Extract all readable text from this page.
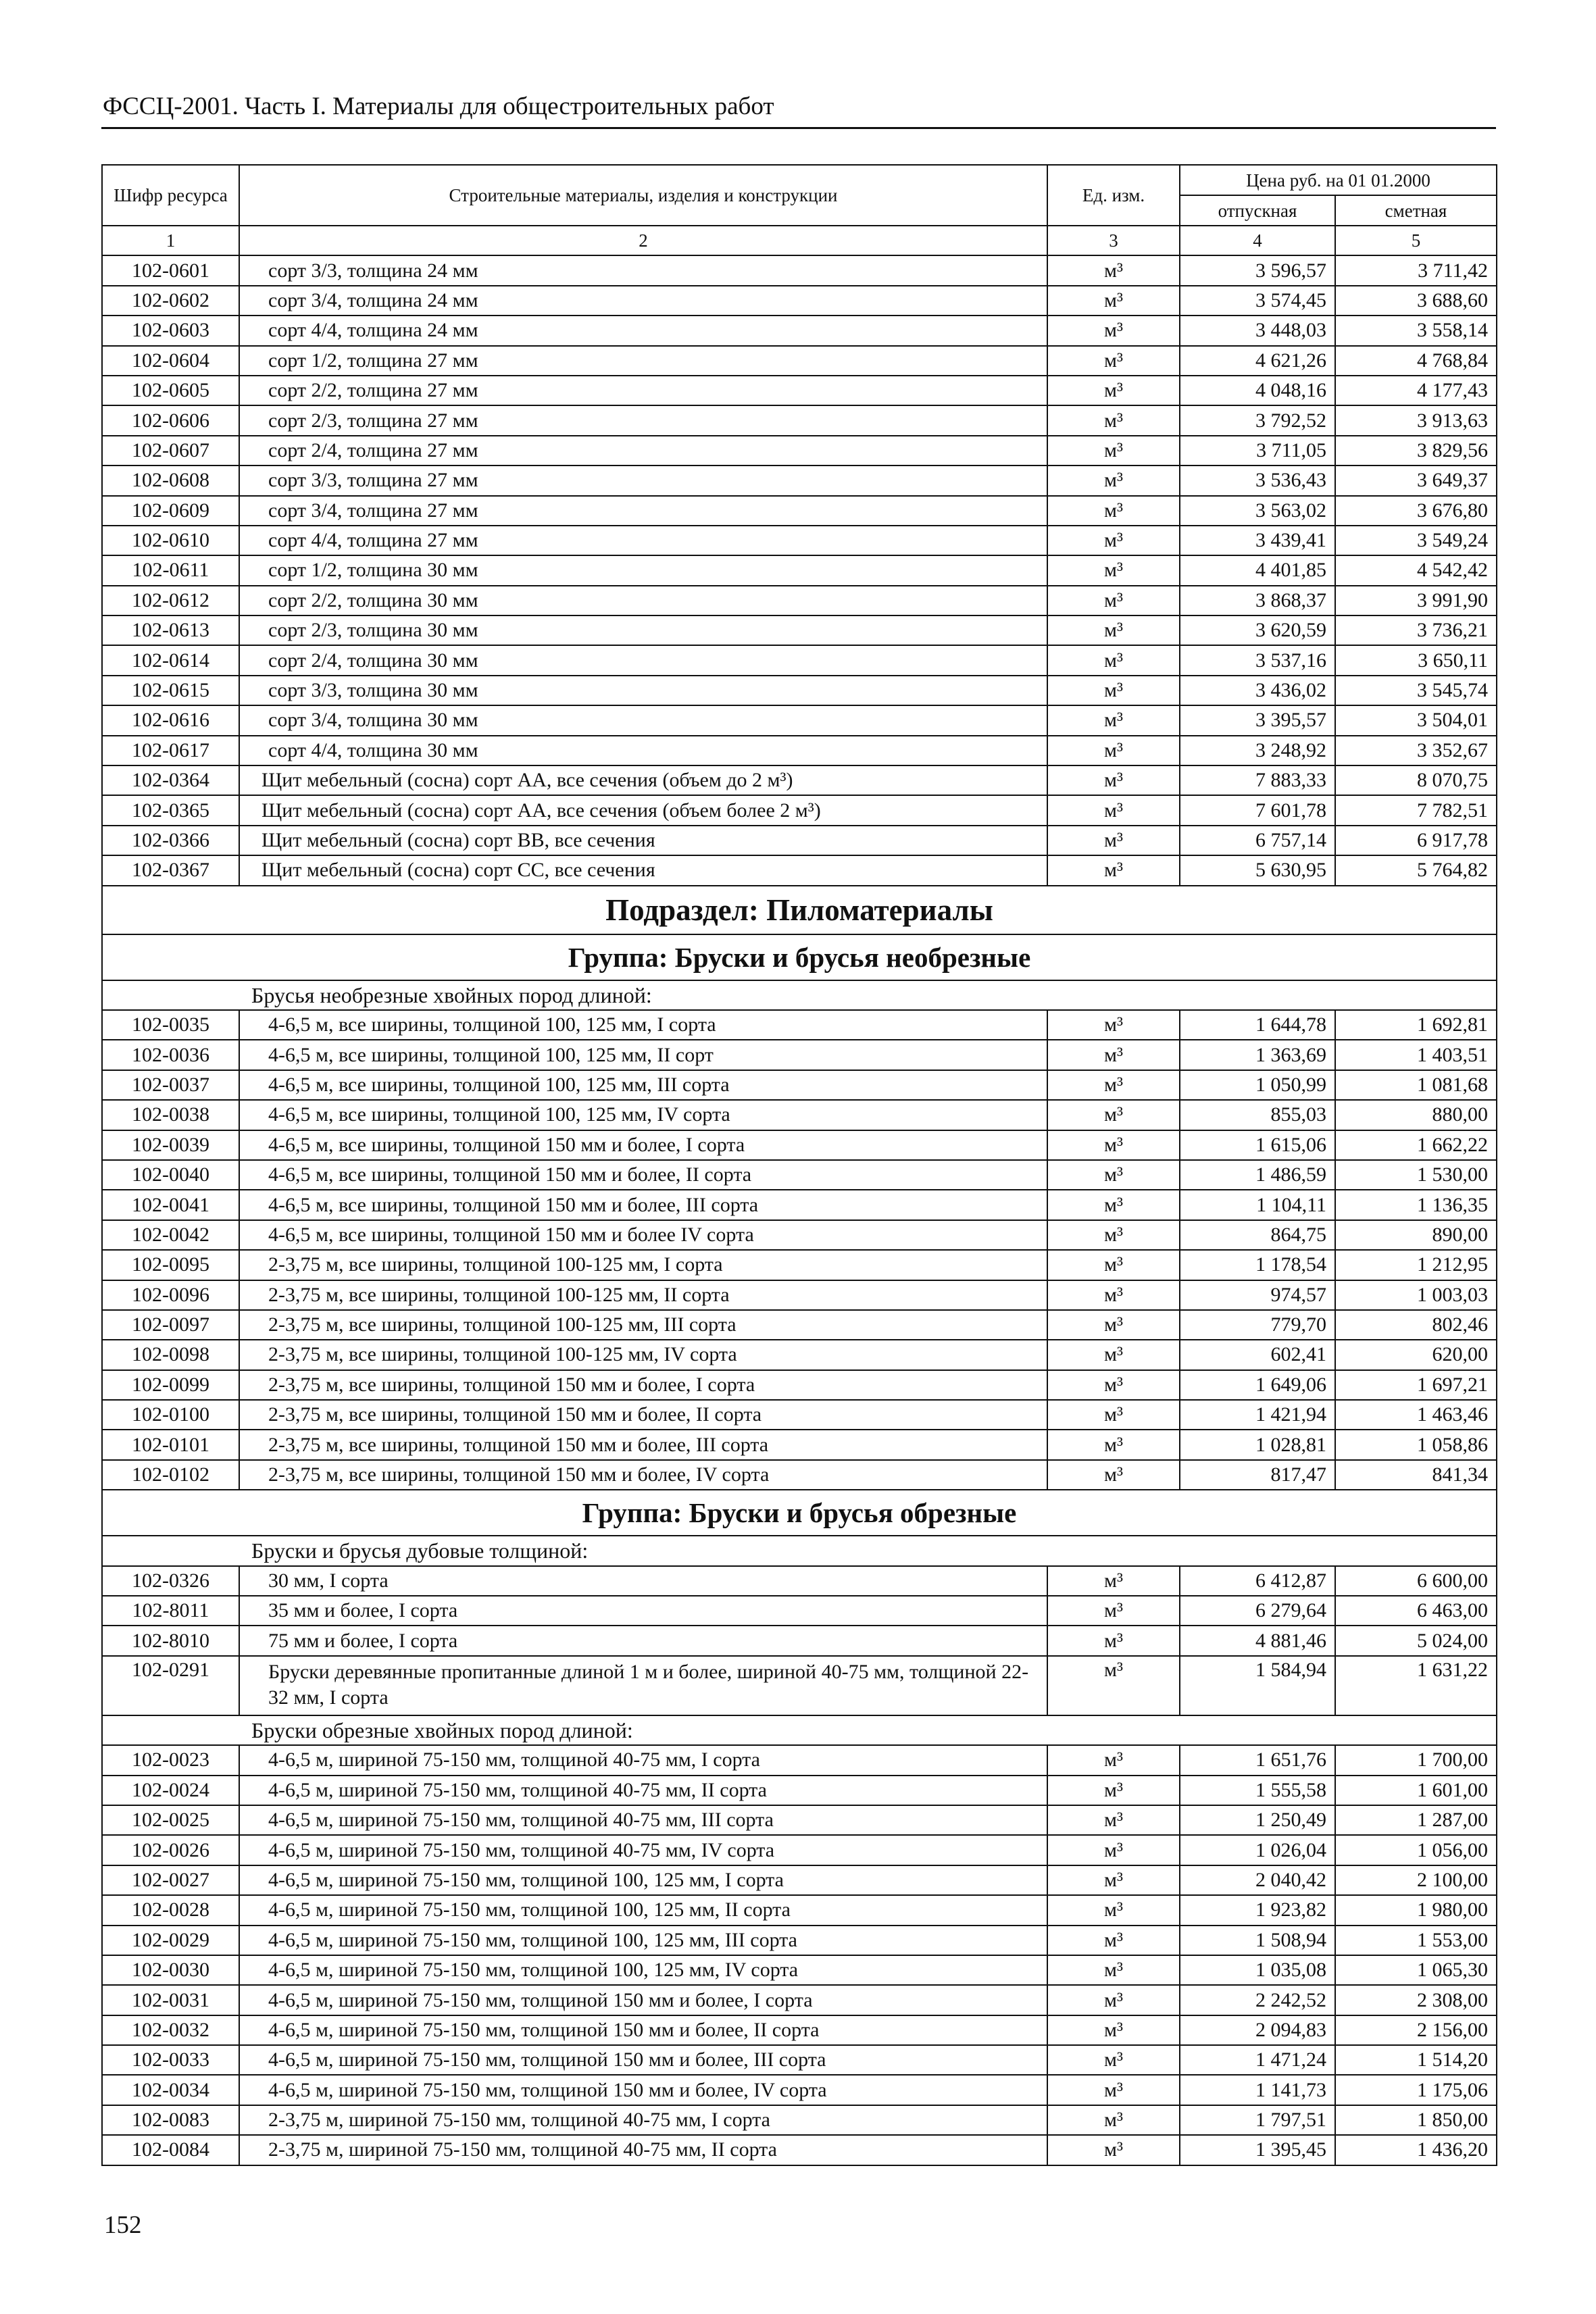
ФССЦ-2001. Часть I. Материалы для общестроительных работ
Шифр ресурса	Строительные материалы, изделия и конструкции	Ед. изм.	Цена руб. на 01 01.2000	
			отпускная	сметная
1	2	3	4	5
102-0601	сорт 3/3, толщина 24 мм	м³	3 596,57	3 711,42
102-0602	сорт 3/4, толщина 24 мм	м³	3 574,45	3 688,60
102-0603	сорт 4/4, толщина 24 мм	м³	3 448,03	3 558,14
102-0604	сорт 1/2, толщина 27 мм	м³	4 621,26	4 768,84
102-0605	сорт 2/2, толщина 27 мм	м³	4 048,16	4 177,43
102-0606	сорт 2/3, толщина 27 мм	м³	3 792,52	3 913,63
102-0607	сорт 2/4, толщина 27 мм	м³	3 711,05	3 829,56
102-0608	сорт 3/3, толщина 27 мм	м³	3 536,43	3 649,37
102-0609	сорт 3/4, толщина 27 мм	м³	3 563,02	3 676,80
102-0610	сорт 4/4, толщина 27 мм	м³	3 439,41	3 549,24
102-0611	сорт 1/2, толщина 30 мм	м³	4 401,85	4 542,42
102-0612	сорт 2/2, толщина 30 мм	м³	3 868,37	3 991,90
102-0613	сорт 2/3, толщина 30 мм	м³	3 620,59	3 736,21
102-0614	сорт 2/4, толщина 30 мм	м³	3 537,16	3 650,11
102-0615	сорт 3/3, толщина 30 мм	м³	3 436,02	3 545,74
102-0616	сорт 3/4, толщина 30 мм	м³	3 395,57	3 504,01
102-0617	сорт 4/4, толщина 30 мм	м³	3 248,92	3 352,67
102-0364	Щит мебельный (сосна) сорт АА, все сечения (объем до 2 м³)	м³	7 883,33	8 070,75
102-0365	Щит мебельный (сосна) сорт АА, все сечения (объем более 2 м³)	м³	7 601,78	7 782,51
102-0366	Щит мебельный (сосна) сорт ВВ, все сечения	м³	6 757,14	6 917,78
102-0367	Щит мебельный (сосна) сорт СС, все сечения	м³	5 630,95	5 764,82
Подраздел: Пиломатериалы				
Группа: Бруски и брусья необрезные				
Брусья необрезные хвойных пород длиной:				
102-0035	4-6,5 м, все ширины, толщиной 100, 125 мм, I сорта	м³	1 644,78	1 692,81
102-0036	4-6,5 м, все ширины, толщиной 100, 125 мм, II сорт	м³	1 363,69	1 403,51
102-0037	4-6,5 м, все ширины, толщиной 100, 125 мм, III сорта	м³	1 050,99	1 081,68
102-0038	4-6,5 м, все ширины, толщиной 100, 125 мм, IV сорта	м³	855,03	880,00
102-0039	4-6,5 м, все ширины, толщиной 150 мм и более, I сорта	м³	1 615,06	1 662,22
102-0040	4-6,5 м, все ширины, толщиной 150 мм и более, II сорта	м³	1 486,59	1 530,00
102-0041	4-6,5 м, все ширины, толщиной 150 мм и более, III сорта	м³	1 104,11	1 136,35
102-0042	4-6,5 м, все ширины, толщиной 150 мм и более IV сорта	м³	864,75	890,00
102-0095	2-3,75 м, все ширины, толщиной 100-125 мм, I сорта	м³	1 178,54	1 212,95
102-0096	2-3,75 м, все ширины, толщиной 100-125 мм, II сорта	м³	974,57	1 003,03
102-0097	2-3,75 м, все ширины, толщиной 100-125 мм, III сорта	м³	779,70	802,46
102-0098	2-3,75 м, все ширины, толщиной 100-125 мм, IV сорта	м³	602,41	620,00
102-0099	2-3,75 м, все ширины, толщиной 150 мм и более, I сорта	м³	1 649,06	1 697,21
102-0100	2-3,75 м, все ширины, толщиной 150 мм и более, II сорта	м³	1 421,94	1 463,46
102-0101	2-3,75 м, все ширины, толщиной 150 мм и более, III сорта	м³	1 028,81	1 058,86
102-0102	2-3,75 м, все ширины, толщиной 150 мм и более, IV сорта	м³	817,47	841,34
Группа: Бруски и брусья обрезные				
Бруски и брусья дубовые толщиной:				
102-0326	30 мм, I сорта	м³	6 412,87	6 600,00
102-8011	35 мм и более, I сорта	м³	6 279,64	6 463,00
102-8010	75 мм и более, I сорта	м³	4 881,46	5 024,00
102-0291	Бруски деревянные пропитанные длиной 1 м и более, шириной 40-75 мм, толщиной 22-32 мм, I сорта	м³	1 584,94	1 631,22
Бруски обрезные хвойных пород длиной:				
102-0023	4-6,5 м, шириной 75-150 мм, толщиной 40-75 мм, I сорта	м³	1 651,76	1 700,00
102-0024	4-6,5 м, шириной 75-150 мм, толщиной 40-75 мм, II сорта	м³	1 555,58	1 601,00
102-0025	4-6,5 м, шириной 75-150 мм, толщиной 40-75 мм, III сорта	м³	1 250,49	1 287,00
102-0026	4-6,5 м, шириной 75-150 мм, толщиной 40-75 мм, IV сорта	м³	1 026,04	1 056,00
102-0027	4-6,5 м, шириной 75-150 мм, толщиной 100, 125 мм, I сорта	м³	2 040,42	2 100,00
102-0028	4-6,5 м, шириной 75-150 мм, толщиной 100, 125 мм, II сорта	м³	1 923,82	1 980,00
102-0029	4-6,5 м, шириной 75-150 мм, толщиной 100, 125 мм, III сорта	м³	1 508,94	1 553,00
102-0030	4-6,5 м, шириной 75-150 мм, толщиной 100, 125 мм, IV сорта	м³	1 035,08	1 065,30
102-0031	4-6,5 м, шириной 75-150 мм, толщиной 150 мм и более, I сорта	м³	2 242,52	2 308,00
102-0032	4-6,5 м, шириной 75-150 мм, толщиной 150 мм и более, II сорта	м³	2 094,83	2 156,00
102-0033	4-6,5 м, шириной 75-150 мм, толщиной 150 мм и более, III сорта	м³	1 471,24	1 514,20
102-0034	4-6,5 м, шириной 75-150 мм, толщиной 150 мм и более, IV сорта	м³	1 141,73	1 175,06
102-0083	2-3,75 м, шириной 75-150 мм, толщиной 40-75 мм, I сорта	м³	1 797,51	1 850,00
102-0084	2-3,75 м, шириной 75-150 мм, толщиной 40-75 мм, II сорта	м³	1 395,45	1 436,20
152
